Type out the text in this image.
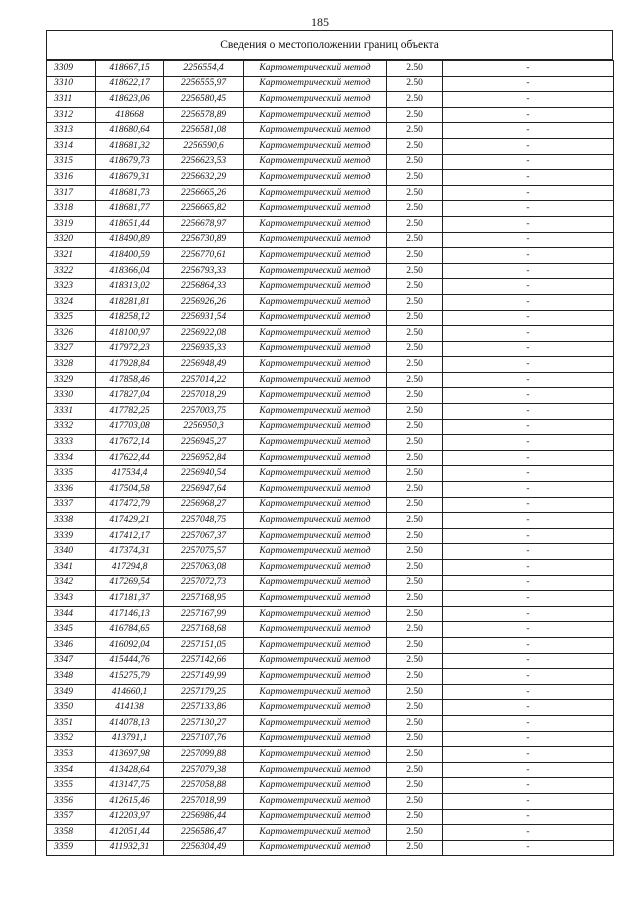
185
Сведения о местоположении границ объекта
3309	418667,15	2256554,4	Картометрический метод	2.50	-
3310	418622,17	2256555,97	Картометрический метод	2.50	-
3311	418623,06	2256580,45	Картометрический метод	2.50	-
3312	418668	2256578,89	Картометрический метод	2.50	-
3313	418680,64	2256581,08	Картометрический метод	2.50	-
3314	418681,32	2256590,6	Картометрический метод	2.50	-
3315	418679,73	2256623,53	Картометрический метод	2.50	-
3316	418679,31	2256632,29	Картометрический метод	2.50	-
3317	418681,73	2256665,26	Картометрический метод	2.50	-
3318	418681,77	2256665,82	Картометрический метод	2.50	-
3319	418651,44	2256678,97	Картометрический метод	2.50	-
3320	418490,89	2256730,89	Картометрический метод	2.50	-
3321	418400,59	2256770,61	Картометрический метод	2.50	-
3322	418366,04	2256793,33	Картометрический метод	2.50	-
3323	418313,02	2256864,33	Картометрический метод	2.50	-
3324	418281,81	2256926,26	Картометрический метод	2.50	-
3325	418258,12	2256931,54	Картометрический метод	2.50	-
3326	418100,97	2256922,08	Картометрический метод	2.50	-
3327	417972,23	2256935,33	Картометрический метод	2.50	-
3328	417928,84	2256948,49	Картометрический метод	2.50	-
3329	417858,46	2257014,22	Картометрический метод	2.50	-
3330	417827,04	2257018,29	Картометрический метод	2.50	-
3331	417782,25	2257003,75	Картометрический метод	2.50	-
3332	417703,08	2256950,3	Картометрический метод	2.50	-
3333	417672,14	2256945,27	Картометрический метод	2.50	-
3334	417622,44	2256952,84	Картометрический метод	2.50	-
3335	417534,4	2256940,54	Картометрический метод	2.50	-
3336	417504,58	2256947,64	Картометрический метод	2.50	-
3337	417472,79	2256968,27	Картометрический метод	2.50	-
3338	417429,21	2257048,75	Картометрический метод	2.50	-
3339	417412,17	2257067,37	Картометрический метод	2.50	-
3340	417374,31	2257075,57	Картометрический метод	2.50	-
3341	417294,8	2257063,08	Картометрический метод	2.50	-
3342	417269,54	2257072,73	Картометрический метод	2.50	-
3343	417181,37	2257168,95	Картометрический метод	2.50	-
3344	417146,13	2257167,99	Картометрический метод	2.50	-
3345	416784,65	2257168,68	Картометрический метод	2.50	-
3346	416092,04	2257151,05	Картометрический метод	2.50	-
3347	415444,76	2257142,66	Картометрический метод	2.50	-
3348	415275,79	2257149,99	Картометрический метод	2.50	-
3349	414660,1	2257179,25	Картометрический метод	2.50	-
3350	414138	2257133,86	Картометрический метод	2.50	-
3351	414078,13	2257130,27	Картометрический метод	2.50	-
3352	413791,1	2257107,76	Картометрический метод	2.50	-
3353	413697,98	2257099,88	Картометрический метод	2.50	-
3354	413428,64	2257079,38	Картометрический метод	2.50	-
3355	413147,75	2257058,88	Картометрический метод	2.50	-
3356	412615,46	2257018,99	Картометрический метод	2.50	-
3357	412203,97	2256986,44	Картометрический метод	2.50	-
3358	412051,44	2256586,47	Картометрический метод	2.50	-
3359	411932,31	2256304,49	Картометрический метод	2.50	-
